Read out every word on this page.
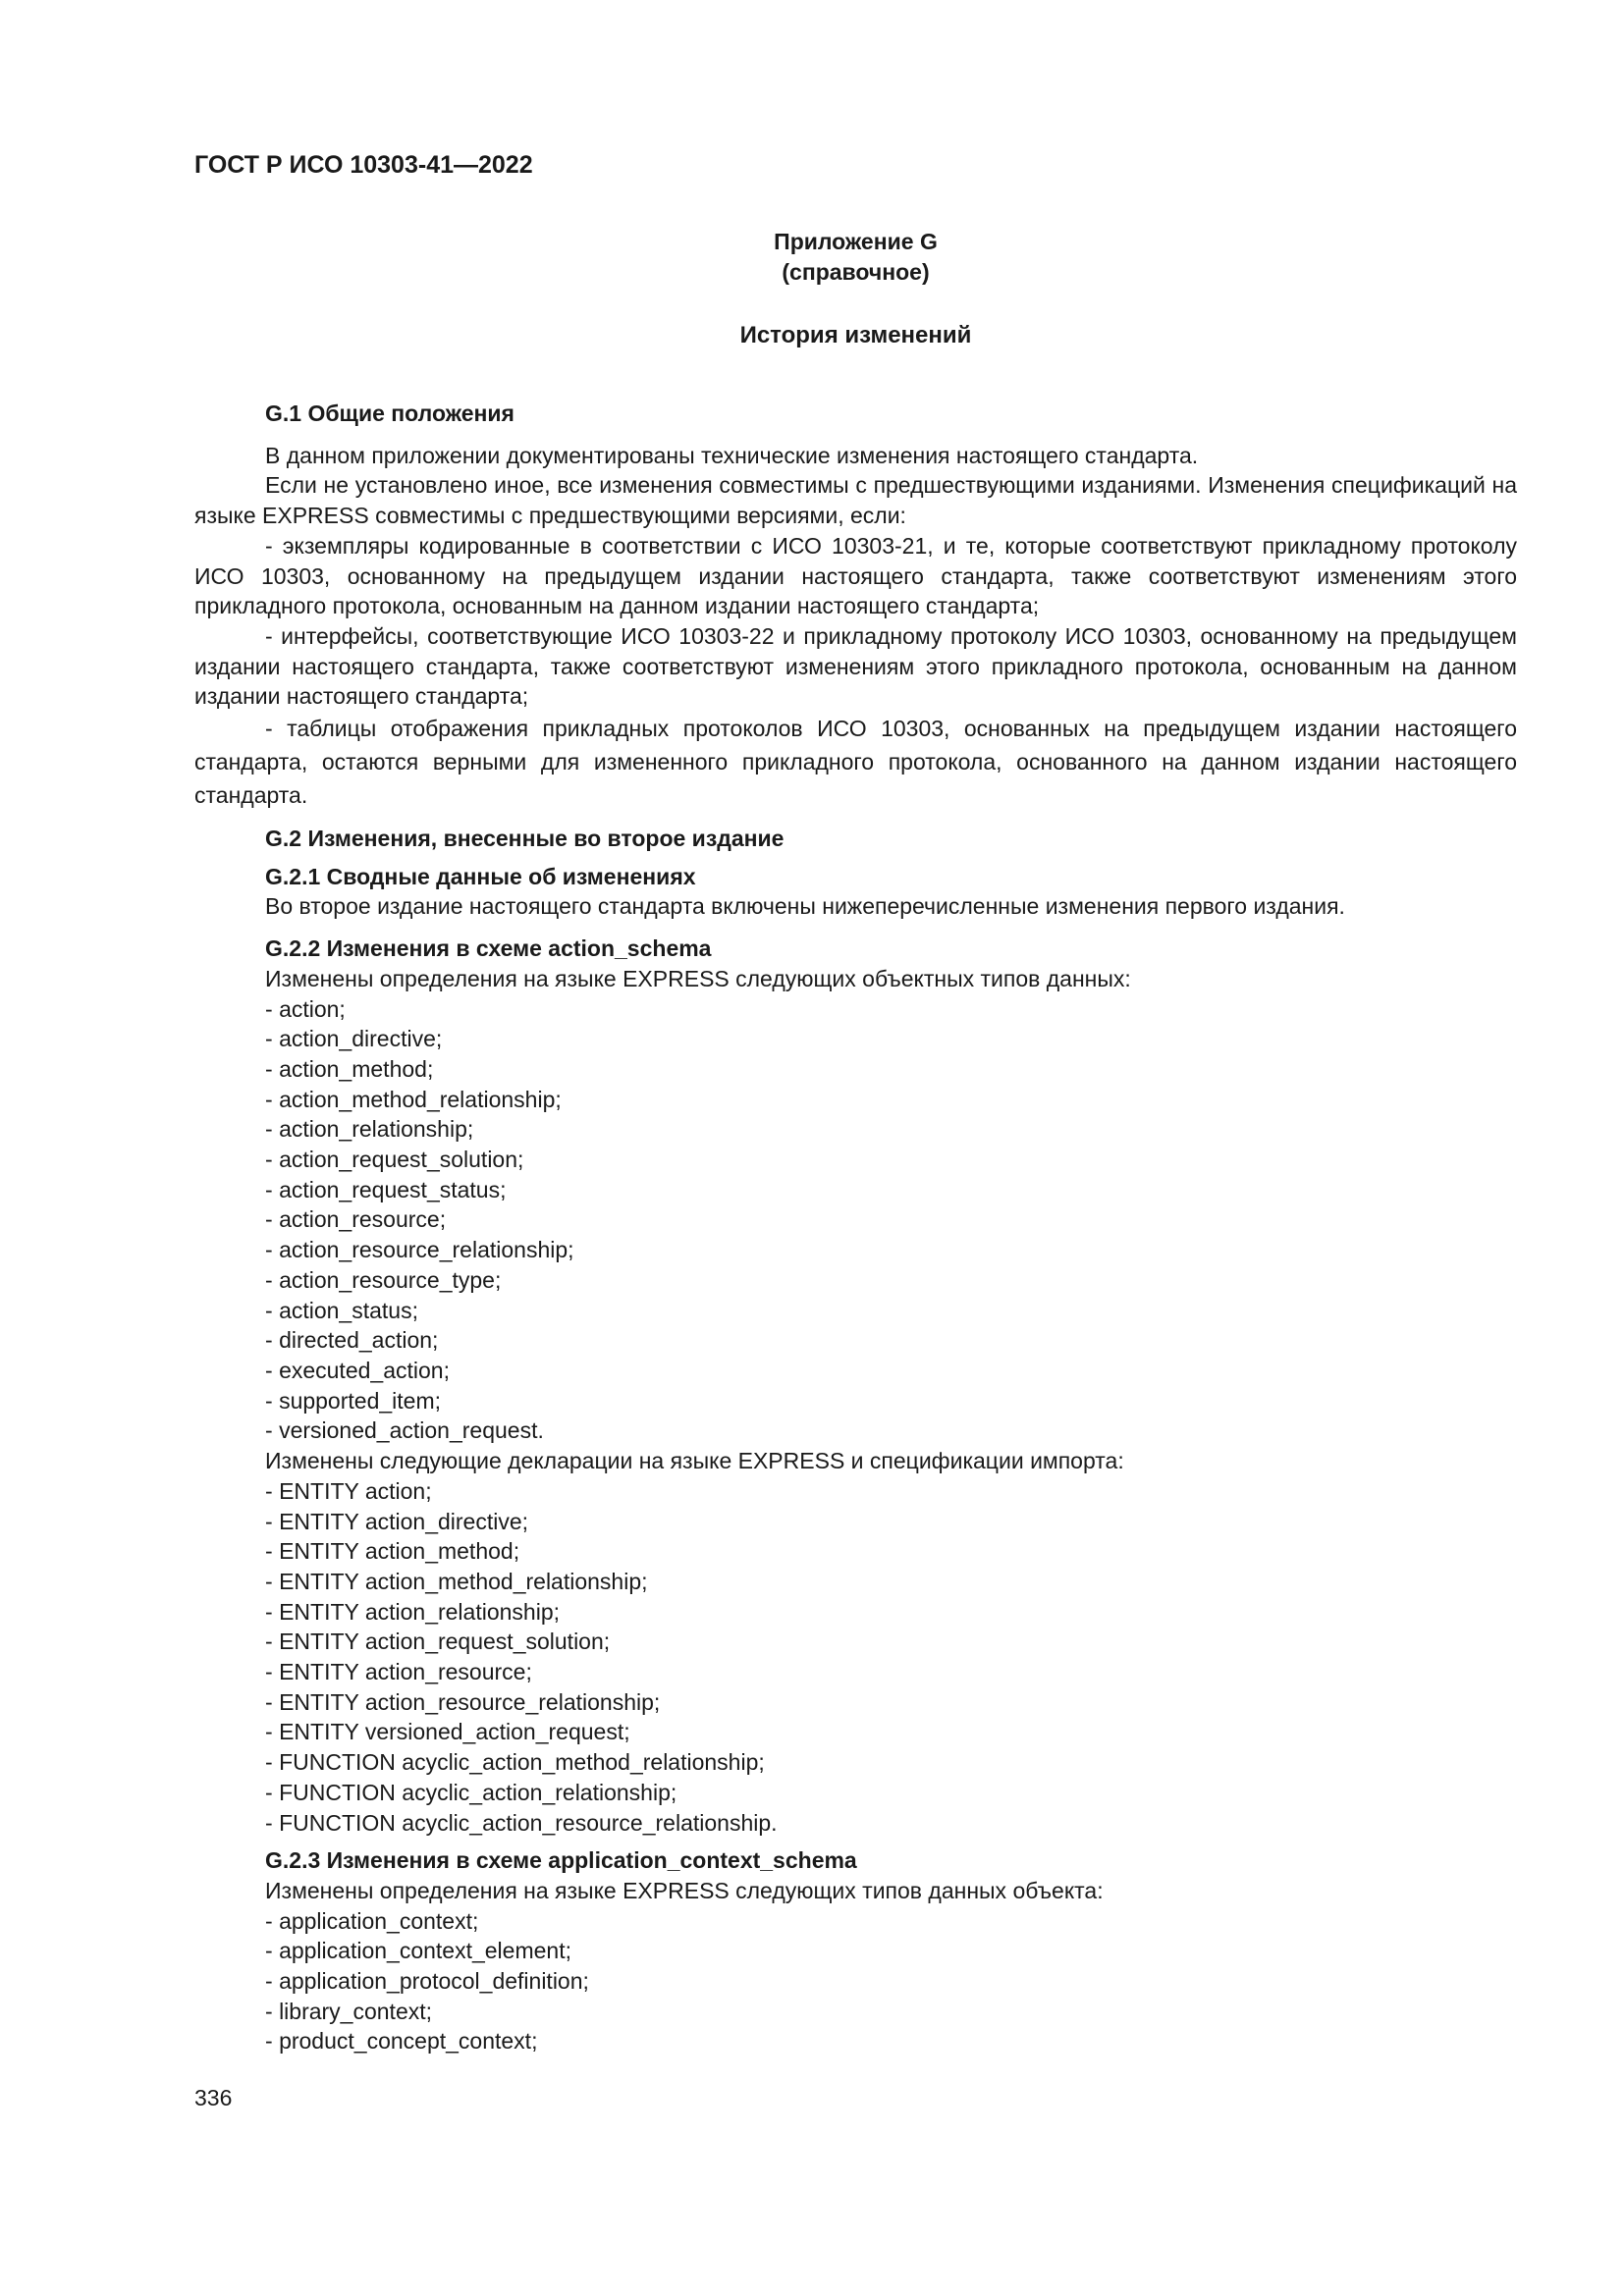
ГОСТ Р ИСО 10303-41—2022
Приложение G
(справочное)
История изменений
G.1 Общие положения

В данном приложении документированы технические изменения настоящего стандарта.

Если не установлено иное, все изменения совместимы с предшествующими изданиями. Изменения спецификаций на языке EXPRESS совместимы с предшествующими версиями, если:

- экземпляры кодированные в соответствии с ИСО 10303-21, и те, которые соответствуют прикладному протоколу ИСО 10303, основанному на предыдущем издании настоящего стандарта, также соответствуют изменениям этого прикладного протокола, основанным на данном издании настоящего стандарта;

- интерфейсы, соответствующие ИСО 10303-22 и прикладному протоколу ИСО 10303, основанному на предыдущем издании настоящего стандарта, также соответствуют изменениям этого прикладного протокола, основанным на данном издании настоящего стандарта;

- таблицы отображения прикладных протоколов ИСО 10303, основанных на предыдущем издании настоящего стандарта, остаются верными для измененного прикладного протокола, основанного на данном издании настоящего стандарта.

G.2 Изменения, внесенные во второе издание
G.2.1 Сводные данные об изменениях

Во второе издание настоящего стандарта включены нижеперечисленные изменения первого издания.

G.2.2 Изменения в схеме action_schema

Изменены определения на языке EXPRESS следующих объектных типов данных:

- action;
- action_directive;
- action_method;
- action_method_relationship;
- action_relationship;
- action_request_solution;
- action_request_status;
- action_resource;
- action_resource_relationship;
- action_resource_type;
- action_status;
- directed_action;
- executed_action;
- supported_item;
- versioned_action_request.

Изменены следующие декларации на языке EXPRESS и спецификации импорта:

- ENTITY action;
- ENTITY action_directive;
- ENTITY action_method;
- ENTITY action_method_relationship;
- ENTITY action_relationship;
- ENTITY action_request_solution;
- ENTITY action_resource;
- ENTITY action_resource_relationship;
- ENTITY versioned_action_request;
- FUNCTION acyclic_action_method_relationship;
- FUNCTION acyclic_action_relationship;
- FUNCTION acyclic_action_resource_relationship.
G.2.3 Изменения в схеме application_context_schema

Изменены определения на языке EXPRESS следующих типов данных объекта:

- application_context;
- application_context_element;
- application_protocol_definition;
- library_context;
- product_concept_context;
336
